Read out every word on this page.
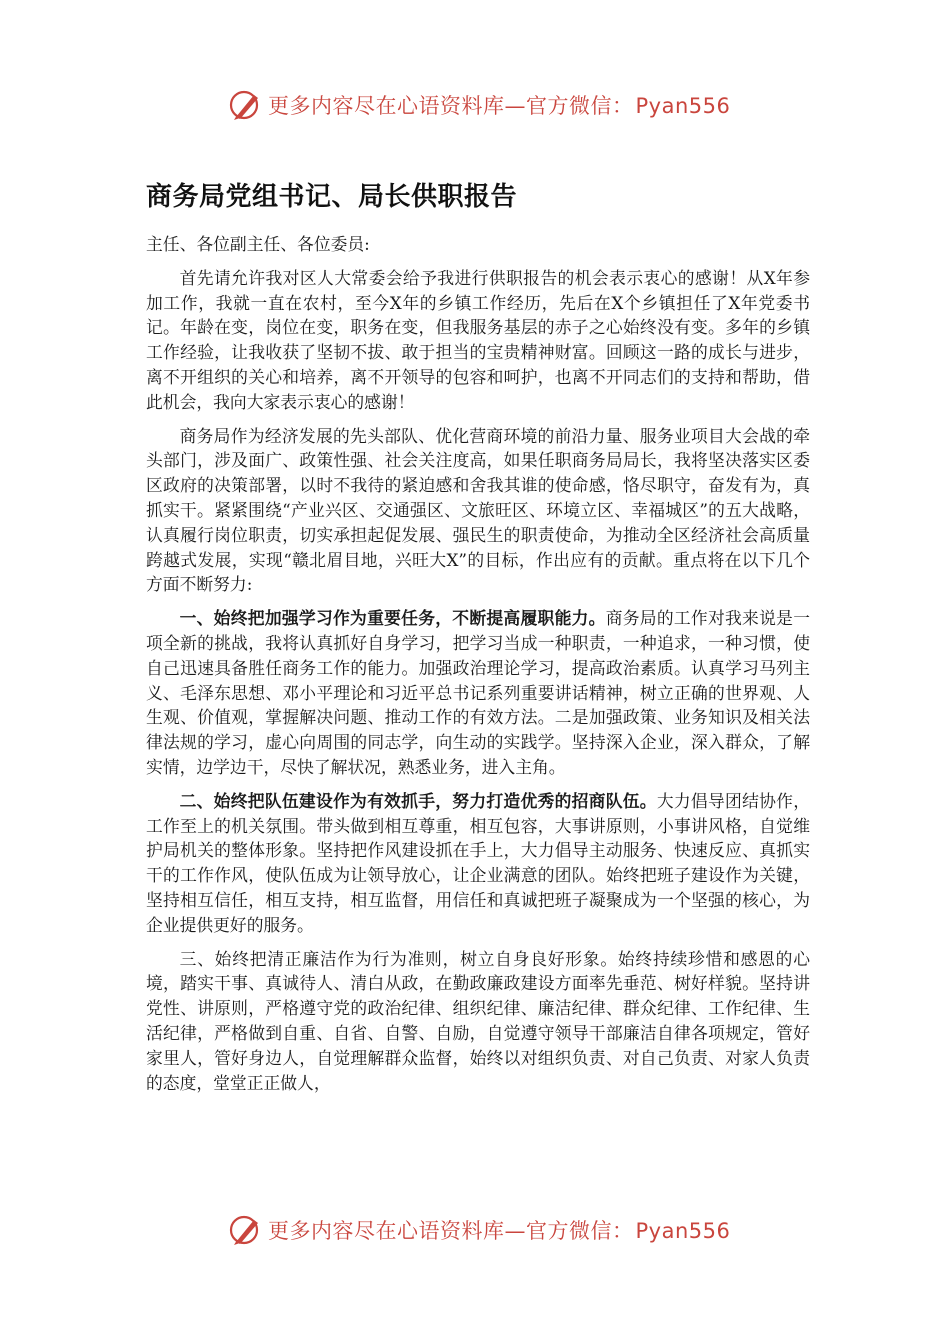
更多内容尽在心语资料库—官方微信：Pyan556
商务局党组书记、局长供职报告

主任、各位副主任、各位委员:

首先请允许我对区人大常委会给予我进行供职报告的机会表示衷心的感谢！从X年参加工作，我就一直在农村，至今X年的乡镇工作经历，先后在X个乡镇担任了X年党委书记。年龄在变，岗位在变，职务在变，但我服务基层的赤子之心始终没有变。多年的乡镇工作经验，让我收获了坚韧不拔、敢于担当的宝贵精神财富。回顾这一路的成长与进步，离不开组织的关心和培养，离不开领导的包容和呵护，也离不开同志们的支持和帮助，借此机会，我向大家表示衷心的感谢！

商务局作为经济发展的先头部队、优化营商环境的前沿力量、服务业项目大会战的牵头部门，涉及面广、政策性强、社会关注度高，如果任职商务局局长，我将坚决落实区委区政府的决策部署，以时不我待的紧迫感和舍我其谁的使命感，恪尽职守，奋发有为，真抓实干。紧紧围绕“产业兴区、交通强区、文旅旺区、环境立区、幸福城区”的五大战略，认真履行岗位职责，切实承担起促发展、强民生的职责使命，为推动全区经济社会高质量跨越式发展，实现“赣北眉目地，兴旺大X”的目标，作出应有的贡献。重点将在以下几个方面不断努力:

一、始终把加强学习作为重要任务，不断提高履职能力。商务局的工作对我来说是一项全新的挑战，我将认真抓好自身学习，把学习当成一种职责，一种追求，一种习惯，使自己迅速具备胜任商务工作的能力。加强政治理论学习，提高政治素质。认真学习马列主义、毛泽东思想、邓小平理论和习近平总书记系列重要讲话精神，树立正确的世界观、人生观、价值观，掌握解决问题、推动工作的有效方法。二是加强政策、业务知识及相关法律法规的学习，虚心向周围的同志学，向生动的实践学。坚持深入企业，深入群众，了解实情，边学边干，尽快了解状况，熟悉业务，进入主角。

二、始终把队伍建设作为有效抓手，努力打造优秀的招商队伍。大力倡导团结协作，工作至上的机关氛围。带头做到相互尊重，相互包容，大事讲原则，小事讲风格，自觉维护局机关的整体形象。坚持把作风建设抓在手上，大力倡导主动服务、快速反应、真抓实干的工作作风，使队伍成为让领导放心，让企业满意的团队。始终把班子建设作为关键，坚持相互信任，相互支持，相互监督，用信任和真诚把班子凝聚成为一个坚强的核心，为企业提供更好的服务。

三、始终把清正廉洁作为行为准则，树立自身良好形象。始终持续珍惜和感恩的心境，踏实干事、真诚待人、清白从政，在勤政廉政建设方面率先垂范、树好样貌。坚持讲党性、讲原则，严格遵守党的政治纪律、组织纪律、廉洁纪律、群众纪律、工作纪律、生活纪律，严格做到自重、自省、自警、自励，自觉遵守领导干部廉洁自律各项规定，管好家里人，管好身边人，自觉理解群众监督，始终以对组织负责、对自己负责、对家人负责的态度，堂堂正正做人，

更多内容尽在心语资料库—官方微信：Pyan556
